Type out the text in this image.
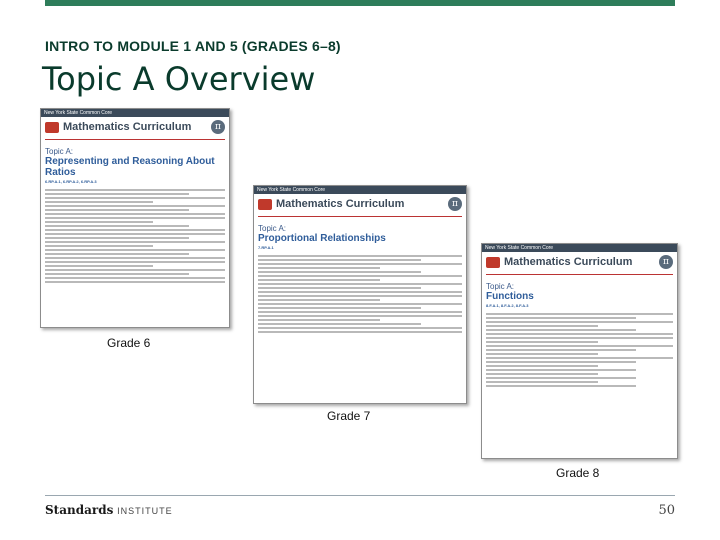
INTRO TO MODULE 1 AND 5 (GRADES 6–8)
Topic A Overview
New York State Common Core
Mathematics Curriculum	π
Topic A:
Representing and Reasoning About Ratios
6.RP.A.1, 6.RP.A.2, 6.RP.A.3
Grade 6
New York State Common Core
Mathematics Curriculum	π
Topic A:
Proportional Relationships
7.RP.A.1
Grade 7
New York State Common Core
Mathematics Curriculum	π
Topic A:
Functions
8.F.A.1, 8.F.A.2, 8.F.A.3
Grade 8
Standards INSTITUTE	50
